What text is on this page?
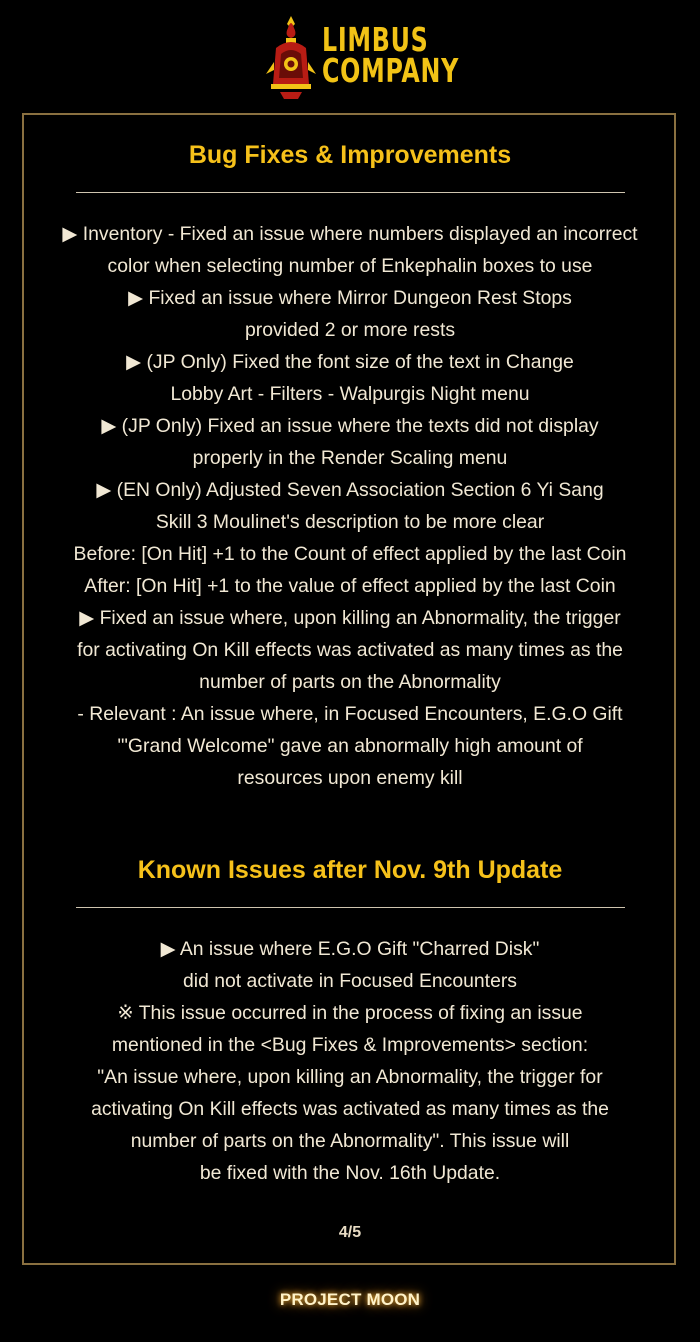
LIMBUS
COMPANY
Bug Fixes & Improvements
▶ Inventory - Fixed an issue where numbers displayed an incorrect
color when selecting number of Enkephalin boxes to use
▶ Fixed an issue where Mirror Dungeon Rest Stops
provided 2 or more rests
▶ (JP Only) Fixed the font size of the text in Change
Lobby Art - Filters - Walpurgis Night menu
▶ (JP Only) Fixed an issue where the texts did not display
properly in the Render Scaling menu
▶ (EN Only) Adjusted Seven Association Section 6 Yi Sang
Skill 3 Moulinet's description to be more clear
Before: [On Hit] +1 to the Count of effect applied by the last Coin
After: [On Hit] +1 to the value of effect applied by the last Coin
▶ Fixed an issue where, upon killing an Abnormality, the trigger
for activating On Kill effects was activated as many times as the
number of parts on the Abnormality
- Relevant : An issue where, in Focused Encounters, E.G.O Gift
'"Grand Welcome" gave an abnormally high amount of
resources upon enemy kill
Known Issues after Nov. 9th Update
▶ An issue where E.G.O Gift "Charred Disk"
did not activate in Focused Encounters
※ This issue occurred in the process of fixing an issue
mentioned in the <Bug Fixes & Improvements> section:
"An issue where, upon killing an Abnormality, the trigger for
activating On Kill effects was activated as many times as the
number of parts on the Abnormality". This issue will
be fixed with the Nov. 16th Update.
4/5
PROJECT MOON
